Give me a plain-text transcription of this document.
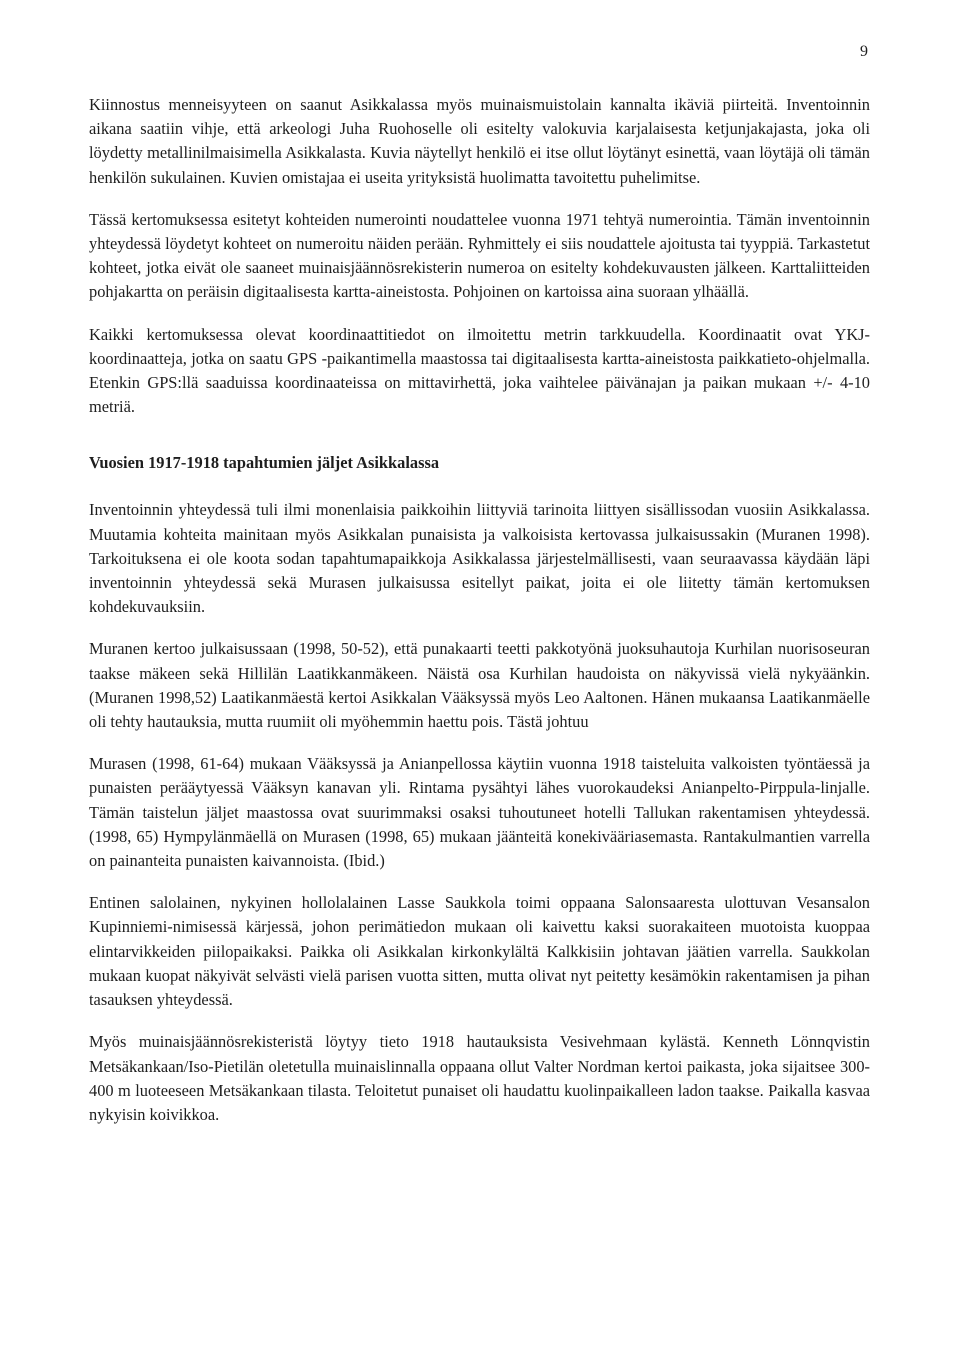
9

Kiinnostus menneisyyteen on saanut Asikkalassa myös muinaismuistolain kannalta ikäviä piirteitä. Inventoinnin aikana saatiin vihje, että arkeologi Juha Ruohoselle oli esitelty valokuvia karjalaisesta ketjunjakajasta, joka oli löydetty metallinilmaisimella Asikkalasta. Kuvia näytellyt henkilö ei itse ollut löytänyt esinettä, vaan löytäjä oli tämän henkilön sukulainen. Kuvien omistajaa ei useita yrityksistä huolimatta tavoitettu puhelimitse.

Tässä kertomuksessa esitetyt kohteiden numerointi noudattelee vuonna 1971 tehtyä numerointia. Tämän inventoinnin yhteydessä löydetyt kohteet on numeroitu näiden perään. Ryhmittely ei siis noudattele ajoitusta tai tyyppiä. Tarkastetut kohteet, jotka eivät ole saaneet muinaisjäännösrekisterin numeroa on esitelty kohdekuvausten jälkeen. Karttaliitteiden pohjakartta on peräisin digitaalisesta kartta-aineistosta. Pohjoinen on kartoissa aina suoraan ylhäällä.

Kaikki kertomuksessa olevat koordinaattitiedot on ilmoitettu metrin tarkkuudella. Koordinaatit ovat YKJ-koordinaatteja, jotka on saatu GPS -paikantimella maastossa tai digitaalisesta kartta-aineistosta paikkatieto-ohjelmalla. Etenkin GPS:llä saaduissa koordinaateissa on mittavirhettä, joka vaihtelee päivänajan ja paikan mukaan +/- 4-10 metriä.

Vuosien 1917-1918 tapahtumien jäljet Asikkalassa

Inventoinnin yhteydessä tuli ilmi monenlaisia paikkoihin liittyviä tarinoita liittyen sisällissodan vuosiin Asikkalassa. Muutamia kohteita mainitaan myös Asikkalan punaisista ja valkoisista kertovassa julkaisussakin (Muranen 1998). Tarkoituksena ei ole koota sodan tapahtumapaikkoja Asikkalassa järjestelmällisesti, vaan seuraavassa käydään läpi inventoinnin yhteydessä sekä Murasen julkaisussa esitellyt paikat, joita ei ole liitetty tämän kertomuksen kohdekuvauksiin.

Muranen kertoo julkaisussaan (1998, 50-52), että punakaarti teetti pakkotyönä juoksuhautoja Kurhilan nuorisoseuran taakse mäkeen sekä Hillilän Laatikkanmäkeen. Näistä osa Kurhilan haudoista on näkyvissä vielä nykyäänkin. (Muranen 1998,52) Laatikanmäestä kertoi Asikkalan Vääksyssä myös Leo Aaltonen. Hänen mukaansa Laatikanmäelle oli tehty hautauksia, mutta ruumiit oli myöhemmin haettu pois. Tästä johtuu

Murasen (1998, 61-64) mukaan Vääksyssä ja Anianpellossa käytiin vuonna 1918 taisteluita valkoisten työntäessä ja punaisten perääytyessä Vääksyn kanavan yli. Rintama pysähtyi lähes vuorokaudeksi Anianpelto-Pirppula-linjalle. Tämän taistelun jäljet maastossa ovat suurimmaksi osaksi tuhoutuneet hotelli Tallukan rakentamisen yhteydessä. (1998, 65) Hympylänmäellä on Murasen (1998, 65) mukaan jäänteitä konekivääriasemasta. Rantakulmantien varrella on painanteita punaisten kaivannoista. (Ibid.)

Entinen salolainen, nykyinen hollolalainen Lasse Saukkola toimi oppaana Salonsaaresta ulottuvan Vesansalon Kupinniemi-nimisessä kärjessä, johon perimätiedon mukaan oli kaivettu kaksi suorakaiteen muotoista kuoppaa elintarvikkeiden piilopaikaksi. Paikka oli Asikkalan kirkonkylältä Kalkkisiin johtavan jäätien varrella. Saukkolan mukaan kuopat näkyivät selvästi vielä parisen vuotta sitten, mutta olivat nyt peitetty kesämökin rakentamisen ja pihan tasauksen yhteydessä.

Myös muinaisjäännösrekisteristä löytyy tieto 1918 hautauksista Vesivehmaan kylästä. Kenneth Lönnqvistin Metsäkankaan/Iso-Pietilän oletetulla muinaislinnalla oppaana ollut Valter Nordman kertoi paikasta, joka sijaitsee 300-400 m luoteeseen Metsäkankaan tilasta. Teloitetut punaiset oli haudattu kuolinpaikalleen ladon taakse. Paikalla kasvaa nykyisin koivikkoa.
